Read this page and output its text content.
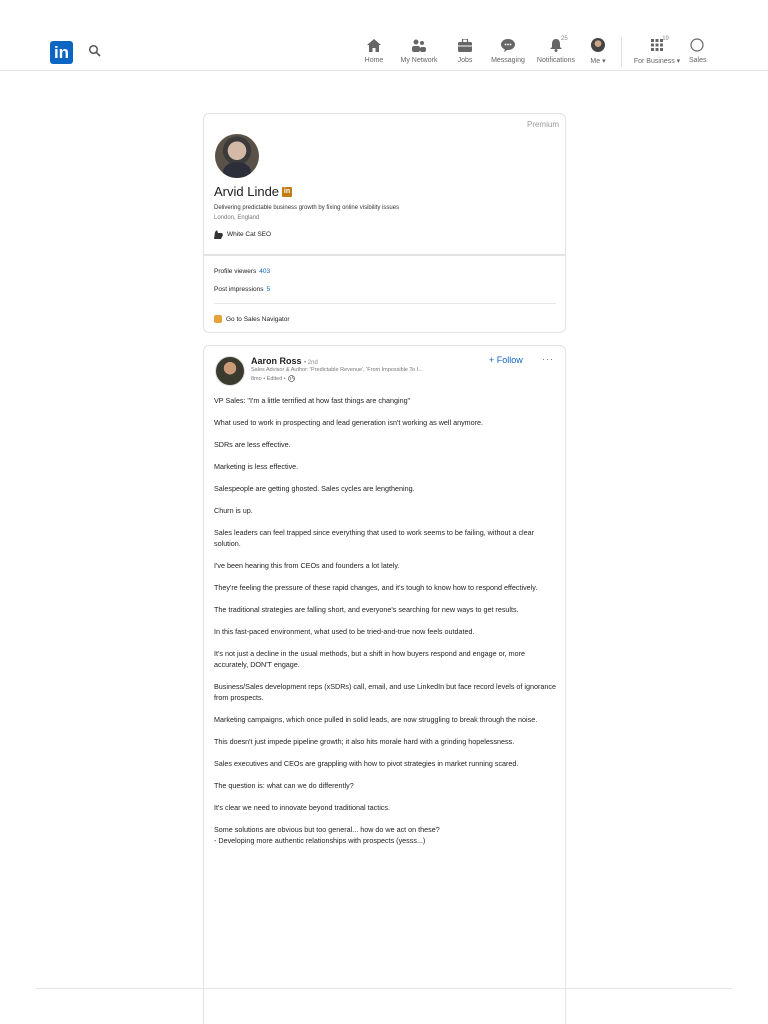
in	Home My Network	Jobs	Messaging
25
Notifications Me ▾
19
For Business ▾ Sales
Premium
Arvid Linde in
Delivering predictable business growth by fixing online visibility issues
London, England
White Cat SEO
Profile viewers 403
Post impressions 5
Go to Sales Navigator
Aaron Ross • 2nd
Sales Advisor & Author: 'Predictable Revenue', 'From Impossible To I...
8mo • Edited •
+ Follow ···

VP Sales: "I'm a little terrified at how fast things are changing"

What used to work in prospecting and lead generation isn't working as well anymore.

SDRs are less effective.

Marketing is less effective.

Salespeople are getting ghosted. Sales cycles are lengthening.

Churn is up.

Sales leaders can feel trapped since everything that used to work seems to be failing, without a clear solution.

I've been hearing this from CEOs and founders a lot lately.

They're feeling the pressure of these rapid changes, and it's tough to know how to respond effectively.

The traditional strategies are falling short, and everyone's searching for new ways to get results.

In this fast-paced environment, what used to be tried-and-true now feels outdated.

It's not just a decline in the usual methods, but a shift in how buyers respond and engage or, more accurately, DON'T engage.

Business/Sales development reps (xSDRs) call, email, and use LinkedIn but face record levels of ignorance from prospects.

Marketing campaigns, which once pulled in solid leads, are now struggling to break through the noise.

This doesn't just impede pipeline growth; it also hits morale hard with a grinding hopelessness.

Sales executives and CEOs are grappling with how to pivot strategies in market running scared.

The question is: what can we do differently?

It's clear we need to innovate beyond traditional tactics.

Some solutions are obvious but too general... how do we act on these?

- Developing more authentic relationships with prospects (yesss...)
